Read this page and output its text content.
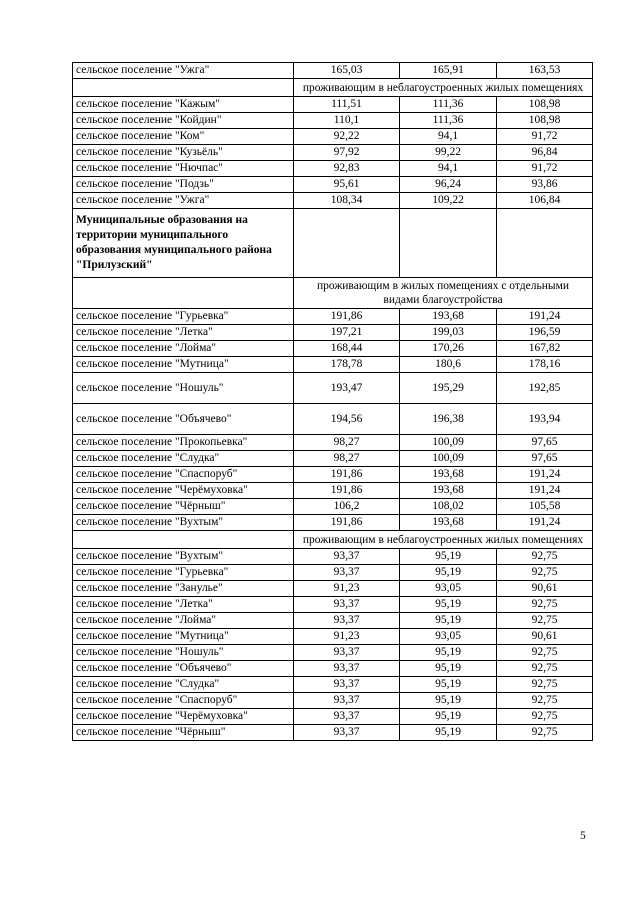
сельское поселение "Ужга"	165,03	165,91	163,53
	проживающим в неблагоустроенных жилых помещениях		
сельское поселение "Кажым"	111,51	111,36	108,98
сельское поселение "Койдин"	110,1	111,36	108,98
сельское поселение "Ком"	92,22	94,1	91,72
сельское поселение "Кузьёль"	97,92	99,22	96,84
сельское поселение "Нючпас"	92,83	94,1	91,72
сельское поселение "Подзь"	95,61	96,24	93,86
сельское поселение "Ужга"	108,34	109,22	106,84
Муниципальные образования на территории муниципального образования муниципального района "Прилузский"			
	проживающим в жилых помещениях с отдельными видами благоустройства		
сельское поселение "Гурьевка"	191,86	193,68	191,24
сельское поселение "Летка"	197,21	199,03	196,59
сельское поселение "Лойма"	168,44	170,26	167,82
сельское поселение "Мутница"	178,78	180,6	178,16
сельское поселение "Ношуль"	193,47	195,29	192,85
сельское поселение "Объячево"	194,56	196,38	193,94
сельское поселение "Прокопьевка"	98,27	100,09	97,65
сельское поселение "Слудка"	98,27	100,09	97,65
сельское поселение "Спаспоруб"	191,86	193,68	191,24
сельское поселение "Черёмуховка"	191,86	193,68	191,24
сельское поселение "Чёрныш"	106,2	108,02	105,58
сельское поселение "Вухтым"	191,86	193,68	191,24
	проживающим в неблагоустроенных жилых помещениях		
сельское поселение "Вухтым"	93,37	95,19	92,75
сельское поселение "Гурьевка"	93,37	95,19	92,75
сельское поселение "Занулье"	91,23	93,05	90,61
сельское поселение "Летка"	93,37	95,19	92,75
сельское поселение "Лойма"	93,37	95,19	92,75
сельское поселение "Мутница"	91,23	93,05	90,61
сельское поселение "Ношуль"	93,37	95,19	92,75
сельское поселение "Объячево"	93,37	95,19	92,75
сельское поселение "Слудка"	93,37	95,19	92,75
сельское поселение "Спаспоруб"	93,37	95,19	92,75
сельское поселение "Черёмуховка"	93,37	95,19	92,75
сельское поселение "Чёрныш"	93,37	95,19	92,75
5
